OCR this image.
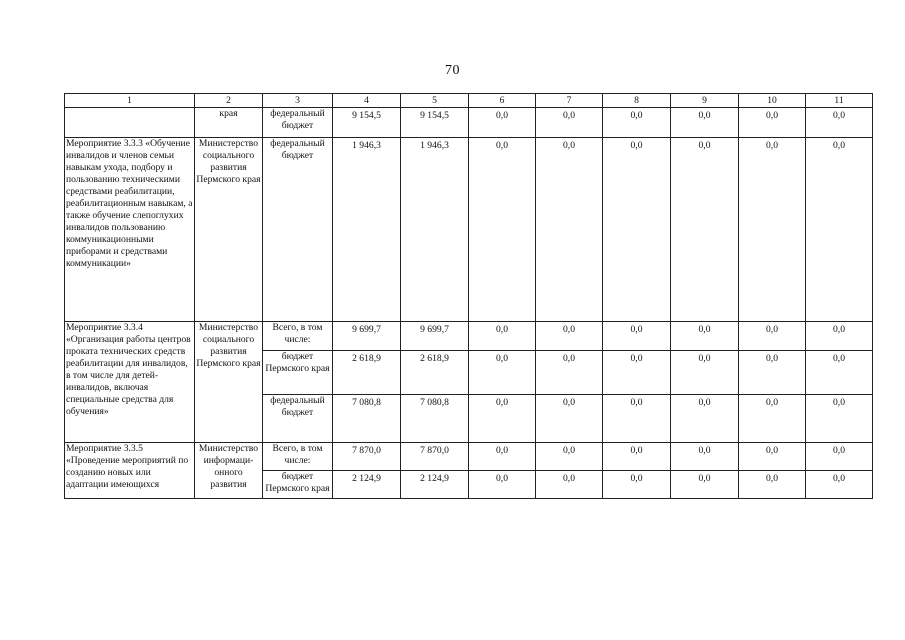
70
1	2	3	4	5	6	7	8	9	10	11
	края	федеральный бюджет	9 154,5	9 154,5	0,0	0,0	0,0	0,0	0,0	0,0
Мероприятие 3.3.3 «Обучение инвалидов и членов семьи навыкам ухода, подбору и пользованию техническими средствами реабилитации, реабилитационным навыкам, а также обучение слепоглухих инвалидов пользованию коммуникационными приборами и средствами коммуникации»	Министерство социального развития Пермского края	федеральный бюджет	1 946,3	1 946,3	0,0	0,0	0,0	0,0	0,0	0,0
Мероприятие 3.3.4 «Организация работы центров проката технических средств реабилитации для инвалидов, в том числе для детей-инвалидов, включая специальные средства для обучения»	Министерство социального развития Пермского края	Всего, в том числе:	9 699,7	9 699,7	0,0	0,0	0,0	0,0	0,0	0,0
		бюджет Пермского края	2 618,9	2 618,9	0,0	0,0	0,0	0,0	0,0	0,0
		федеральный бюджет	7 080,8	7 080,8	0,0	0,0	0,0	0,0	0,0	0,0
Мероприятие 3.3.5 «Проведение мероприятий по созданию новых или адаптации имеющихся	Министерство информаци-онного развития	Всего, в том числе:	7 870,0	7 870,0	0,0	0,0	0,0	0,0	0,0	0,0
		бюджет Пермского края	2 124,9	2 124,9	0,0	0,0	0,0	0,0	0,0	0,0
